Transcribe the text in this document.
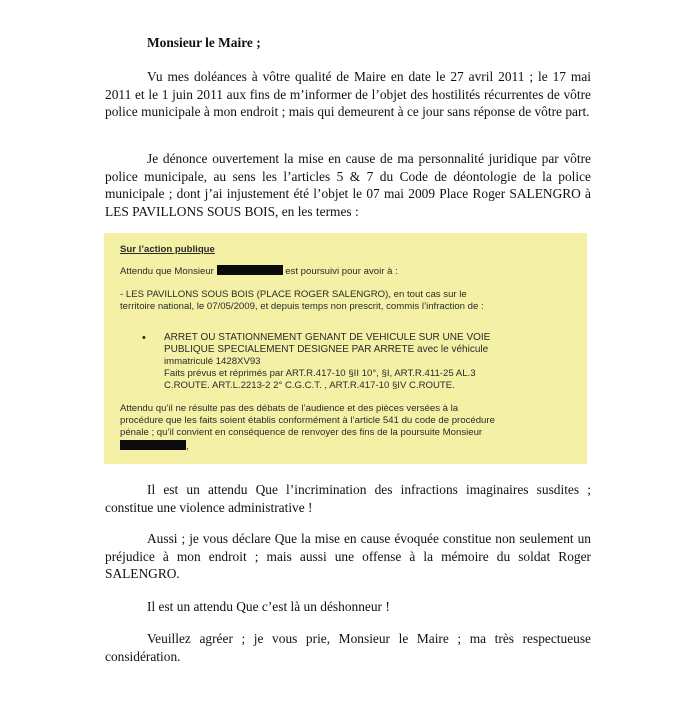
Monsieur le Maire ;

Vu mes doléances à vôtre qualité de Maire en date le 27 avril 2011 ; le 17 mai 2011 et le 1 juin 2011 aux fins de m’informer de l’objet des hostilités récurrentes de vôtre police municipale à mon endroit ; mais qui demeurent à ce jour sans réponse de vôtre part.

Je dénonce ouvertement la mise en cause de ma personnalité juridique par vôtre police municipale, au sens les l’articles 5 & 7 du Code de déontologie de la police municipale ; dont j’ai injustement été l’objet le 07 mai 2009 Place Roger SALENGRO à LES PAVILLONS SOUS BOIS, en les termes :

Sur l’action publique

Attendu que Monsieur	est poursuivi pour avoir à :

- LES PAVILLONS SOUS BOIS (PLACE ROGER SALENGRO), en tout cas sur le

territoire national, le 07/05/2009, et depuis temps non prescrit, commis l’infraction de :

• ARRET OU STATIONNEMENT GENANT DE VEHICULE SUR UNE VOIE

PUBLIQUE SPECIALEMENT DESIGNEE PAR ARRETE avec le véhicule

immatriculé 1428XV93

Faits prévus et réprimés par ART.R.417-10 §II 10°, §I, ART.R.411-25 AL.3

C.ROUTE. ART.L.2213-2 2° C.G.C.T. , ART.R.417-10 §IV C.ROUTE.

Attendu qu’il ne résulte pas des débats de l’audience et des pièces versées à la

procédure que les faits soient établis conformément à l’article 541 du code de procédure

pénale ; qu’il convient en conséquence de renvoyer des fins de la poursuite Monsieur

,

Il est un attendu Que l’incrimination des infractions imaginaires susdites ; constitue une violence administrative !

Aussi ; je vous déclare Que la mise en cause évoquée constitue non seulement un préjudice à mon endroit ; mais aussi une offense à la mémoire du soldat Roger SALENGRO.

Il est un attendu Que c’est là un déshonneur !

Veuillez agréer ; je vous prie, Monsieur le Maire ; ma très respectueuse considération.
